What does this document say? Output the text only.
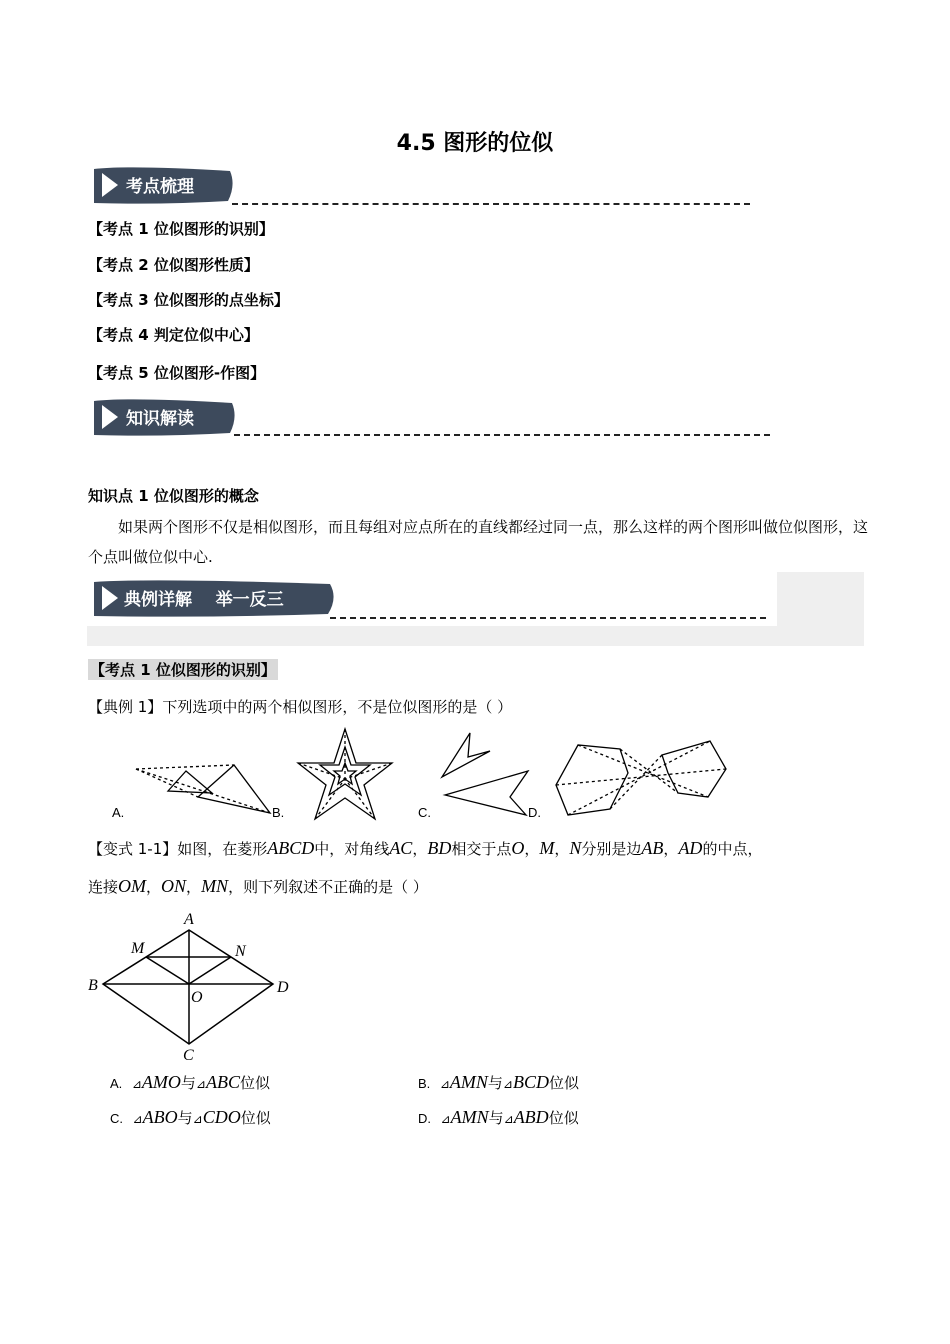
4.5 图形的位似
考点梳理
【考点 1 位似图形的识别】
【考点 2 位似图形性质】
【考点 3 位似图形的点坐标】
【考点 4 判定位似中心】
【考点 5 位似图形-作图】
知识解读
知识点 1 位似图形的概念
如果两个图形不仅是相似图形，而且每组对应点所在的直线都经过同一点，那么这样的两个图形叫做位似图形，这个点叫做位似中心.
典例详解    举一反三
【考点 1 位似图形的识别】
【典例 1】下列选项中的两个相似图形，不是位似图形的是（ ）
A.	B.	C.	D.
【变式 1-1】如图，在菱形ABCD中，对角线AC，BD相交于点O，M，N分别是边AB，AD的中点，
连接OM，ON，MN，则下列叙述不正确的是（ ）
A
B
C
D
M	N
O
A. ⊿AMO与⊿ABC位似	B. ⊿AMN与⊿BCD位似
C. ⊿ABO与⊿CDO位似	D. ⊿AMN与⊿ABD位似
